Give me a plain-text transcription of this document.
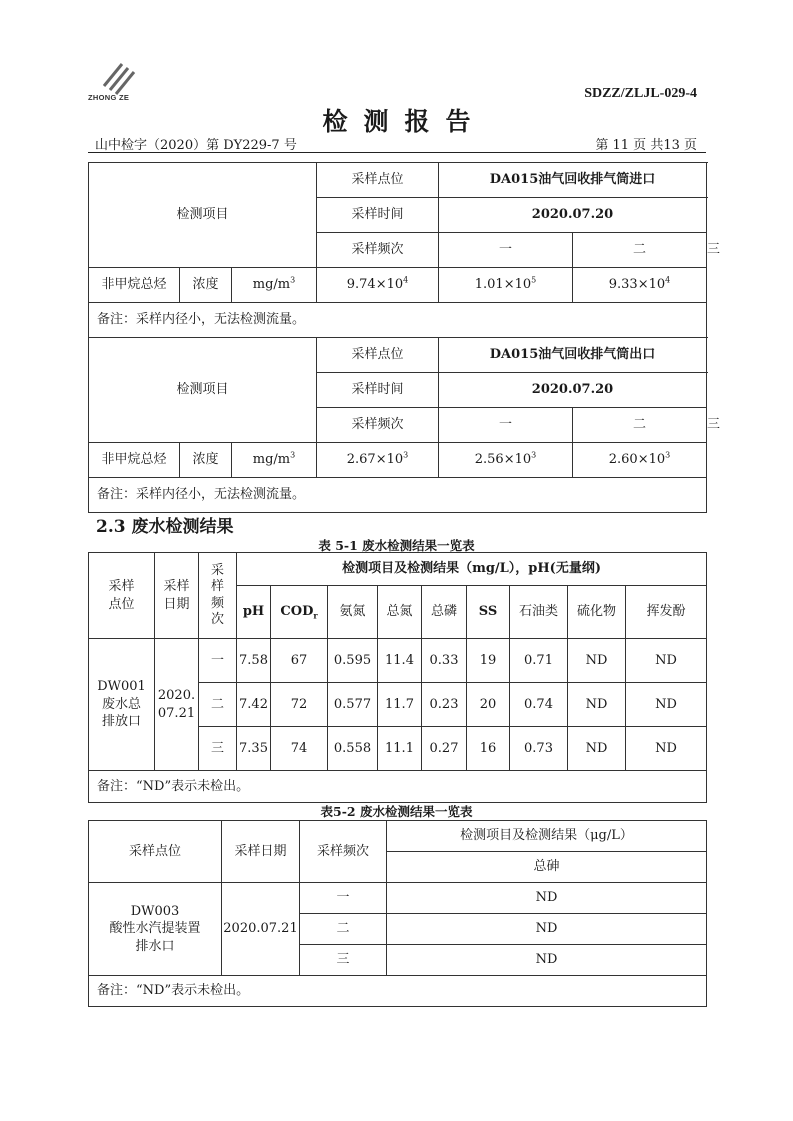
ZHONG ZE	SDZZ/ZLJL-029-4
检测报告
山中检字（2020）第 DY229-7 号	第 11 页 共13 页
检测项目			采样点位	DA015油气回收排气筒进口		
			采样时间	2020.07.20		
			采样频次	一	二	三
非甲烷总烃	浓度	$mg/m^3$	$9.74\times 10^4$	$1.01\times 10^5$	$9.33\times 10^4$
备注：采样内径小，无法检测流量。						
检测项目			采样点位	DA015油气回收排气筒出口		
			采样时间	2020.07.20		
			采样频次	一	二	三
非甲烷总烃	浓度	$mg/m^3$	$2.67\times 10^3$	$2.56\times 10^3$	$2.60\times 10^3$
备注：采样内径小，无法检测流量。						
2.3 废水检测结果
表 5-1 废水检测结果一览表
采样
点位	采样
日期	采
样
频
次	检测项目及检测结果（mg/L），pH(无量纲)								
			pH	$COD_r$	氨氮	总氮	总磷	SS	石油类	硫化物	挥发酚
DW001
废水总
排放口	2020.
07.21	一	7.58	67	0.595	11.4	0.33	19	0.71	ND	ND
		二	7.42	72	0.577	11.7	0.23	20	0.74	ND	ND
		三	7.35	74	0.558	11.1	0.27	16	0.73	ND	ND
备注：“ND”表示未检出。											
表5-2 废水检测结果一览表
采样点位	采样日期	采样频次	检测项目及检测结果（μg/L）
			总砷
DW003
酸性水汽提装置
排水口	2020.07.21	一	ND
		二	ND
		三	ND
备注：“ND”表示未检出。			
